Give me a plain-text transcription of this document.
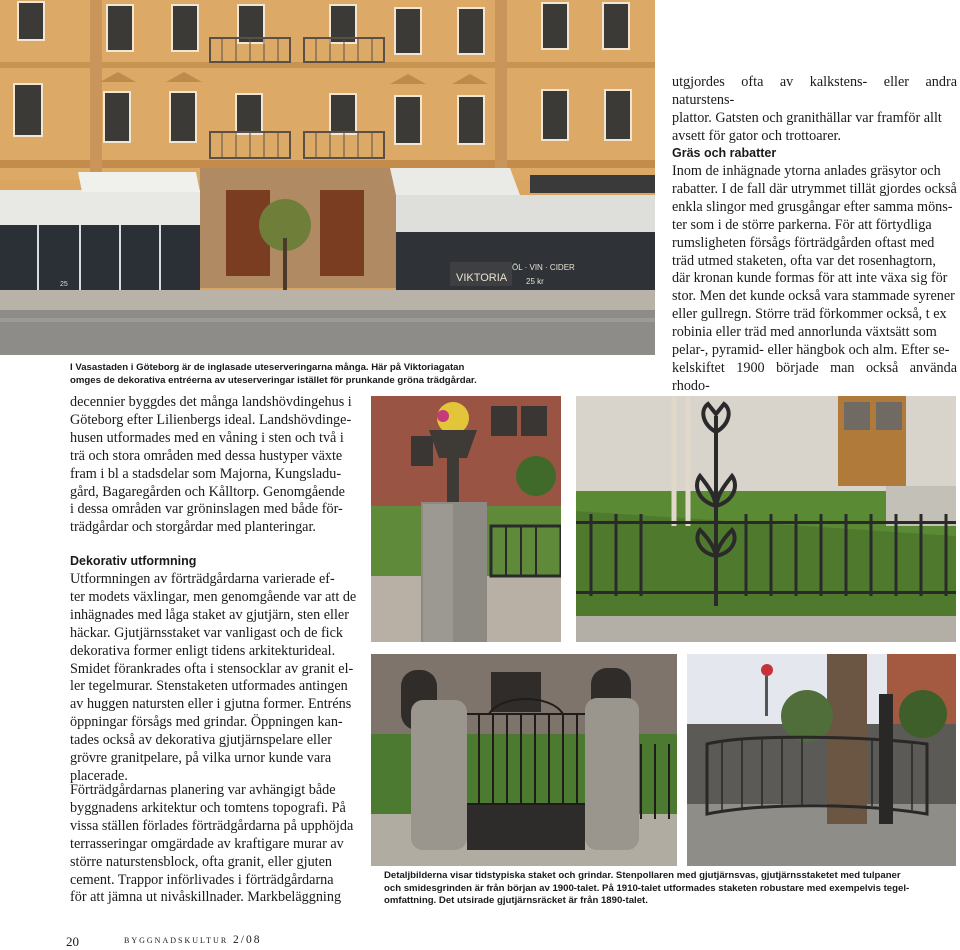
VIKTORIA
ÖL · VIN · CIDER
25 kr
25

I Vasastaden i Göteborg är de inglasade uteserveringarna många. Här på Viktoriagatan
omges de dekorativa entréerna av uteserveringar istället för prunkande gröna trädgårdar.

utgjordes ofta av kalkstens- eller andra naturstens-
plattor. Gatsten och granithällar var framför allt
avsett för gator och trottoarer.

Gräs och rabatter

Inom de inhägnade ytorna anlades gräsytor och
rabatter. I de fall där utrymmet tillät gjordes också
enkla slingor med grusgångar efter samma möns-
ter som i de större parkerna. För att förtydliga
rumsligheten försågs förträdgården oftast med
träd utmed staketen, ofta var det rosenhagtorn,
där kronan kunde formas för att inte växa sig för
stor. Men det kunde också vara stammade syrener
eller gullregn. Större träd förkommer också, t ex
robinia eller träd med annorlunda växtsätt som
pelar-, pyramid- eller hängbok och alm. Efter se-
kelskiftet 1900 började man också använda rhodo-

decennier byggdes det många landshövdingehus i
Göteborg efter Lilienbergs ideal. Landshövdinge-
husen utformades med en våning i sten och två i
trä och stora områden med dessa hustyper växte
fram i bl a stadsdelar som Majorna, Kungsladu-
gård, Bagaregården och Kålltorp. Genomgående
i dessa områden var gröninslagen med både för-
trädgårdar och storgårdar med planteringar.

Dekorativ utformning

Utformningen av förträdgårdarna varierade ef-
ter modets växlingar, men genomgående var att de
inhägnades med låga staket av gjutjärn, sten eller
häckar. Gjutjärnsstaket var vanligast och de fick
dekorativa former enligt tidens arkitekturideal.
Smidet förankrades ofta i stensocklar av granit el-
ler tegelmurar. Stenstaketen utformades antingen
av huggen natursten eller i gjutna former. Entréns
öppningar försågs med grindar. Öppningen kan-
tades också av dekorativa gjutjärnspelare eller
grövre granitpelare, på vilka urnor kunde vara
placerade.

Förträdgårdarnas planering var avhängigt både
byggnadens arkitektur och tomtens topografi. På
vissa ställen förlades förträdgårdarna på upphöjda
terrasseringar omgärdade av kraftigare murar av
större naturstensblock, ofta granit, eller gjuten
cement. Trappor införlivades i förträdgårdarna
för att jämna ut nivåskillnader. Markbeläggning

Detaljbilderna visar tidstypiska staket och grindar. Stenpollaren med gjutjärnsvas, gjutjärnsstaketet med tulpaner
och smidesgrinden är från början av 1900-talet. På 1910-talet utformades staketen robustare med exempelvis tegel-
omfattning. Det utsirade gjutjärnsräcket är från 1890-talet.

20	byggnadskultur 2/08
